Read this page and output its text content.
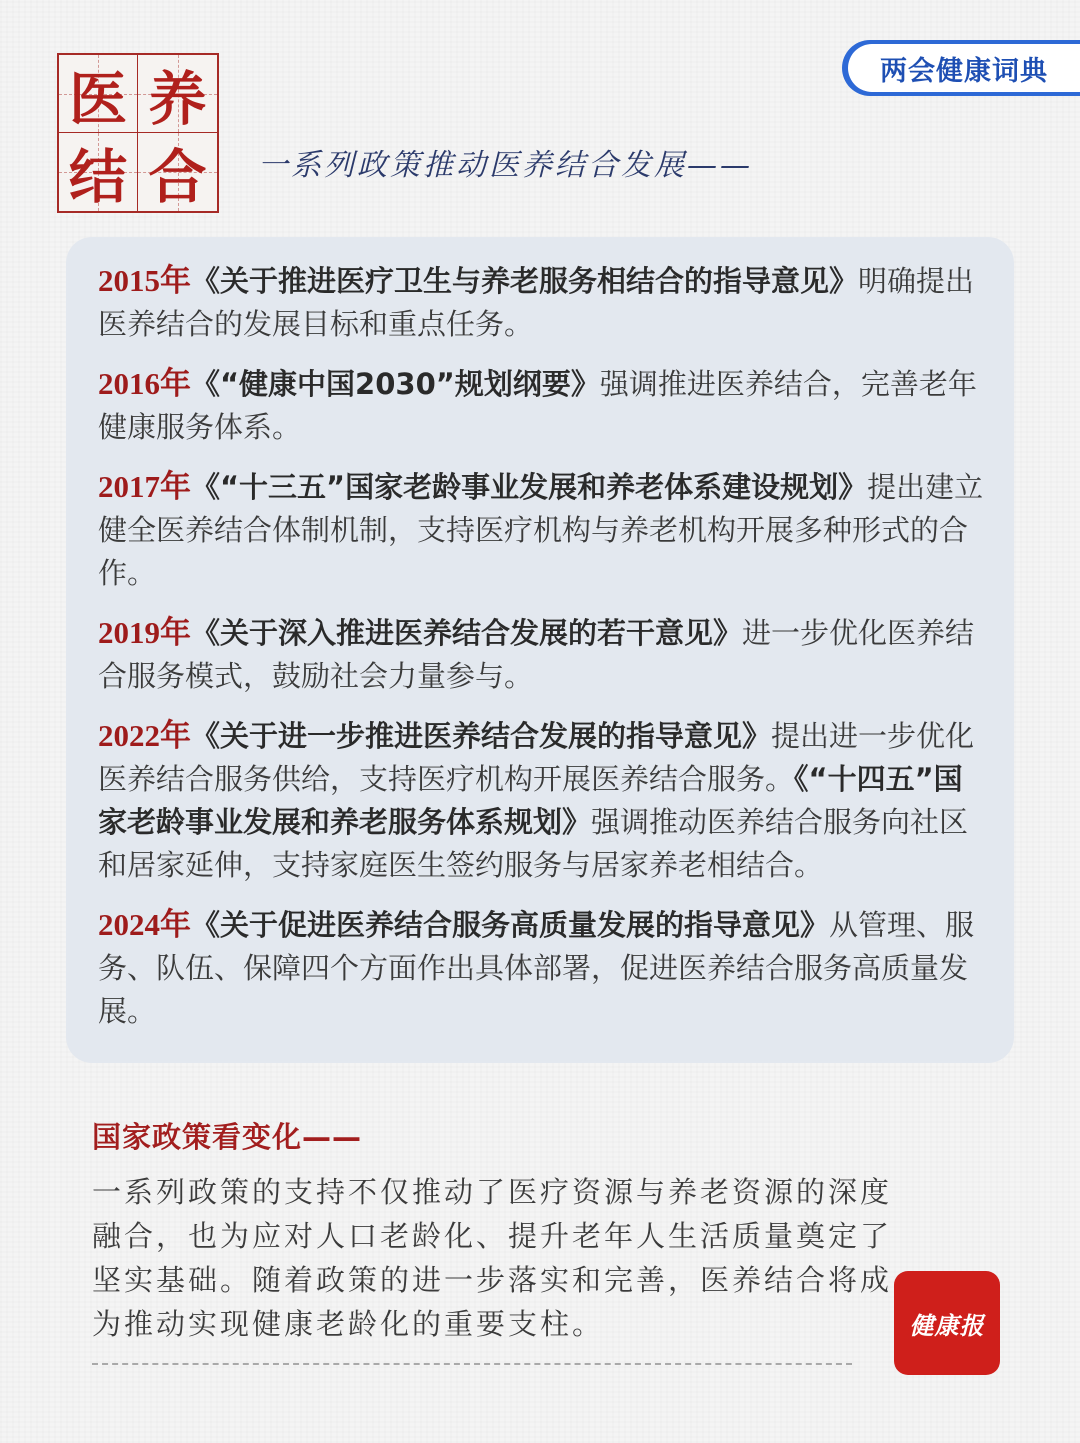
医 养
结 合 一系列政策推动医养结合发展——
两会健康词典
2015年《关于推进医疗卫生与养老服务相结合的指导意见》明确提出医养结合的发展目标和重点任务。
2016年《“健康中国2030”规划纲要》强调推进医养结合，完善老年健康服务体系。
2017年《“十三五”国家老龄事业发展和养老体系建设规划》提出建立健全医养结合体制机制，支持医疗机构与养老机构开展多种形式的合作。
2019年《关于深入推进医养结合发展的若干意见》进一步优化医养结合服务模式，鼓励社会力量参与。
2022年《关于进一步推进医养结合发展的指导意见》提出进一步优化医养结合服务供给，支持医疗机构开展医养结合服务。《“十四五”国家老龄事业发展和养老服务体系规划》强调推动医养结合服务向社区和居家延伸，支持家庭医生签约服务与居家养老相结合。
2024年《关于促进医养结合服务高质量发展的指导意见》从管理、服务、队伍、保障四个方面作出具体部署，促进医养结合服务高质量发展。
国家政策看变化——
一系列政策的支持不仅推动了医疗资源与养老资源的深度融合，也为应对人口老龄化、提升老年人生活质量奠定了坚实基础。随着政策的进一步落实和完善，医养结合将成为推动实现健康老龄化的重要支柱。	健康报
